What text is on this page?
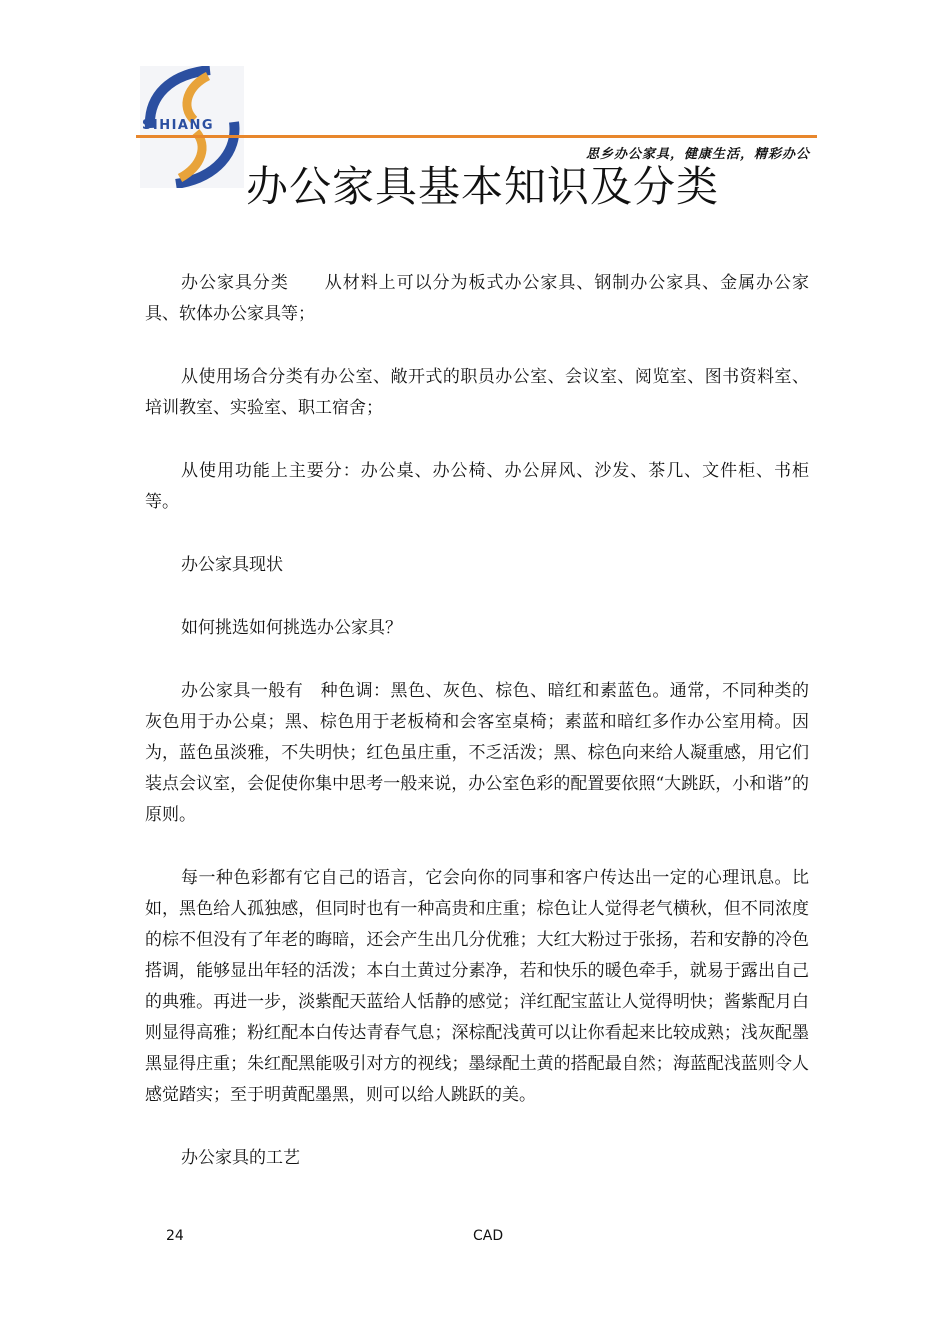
SIHIANG
思乡办公家具，健康生活，精彩办公
办公家具基本知识及分类

办公家具分类　　从材料上可以分为板式办公家具、钢制办公家具、金属办公家具、软体办公家具等；

从使用场合分类有办公室、敞开式的职员办公室、会议室、阅览室、图书资料室、培训教室、实验室、职工宿舍；

从使用功能上主要分：办公桌、办公椅、办公屏风、沙发、茶几、文件柜、书柜等。

办公家具现状

如何挑选如何挑选办公家具？

办公家具一般有　种色调：黑色、灰色、棕色、暗红和素蓝色。通常，不同种类的灰色用于办公桌；黑、棕色用于老板椅和会客室桌椅；素蓝和暗红多作办公室用椅。因为，蓝色虽淡雅，不失明快；红色虽庄重，不乏活泼；黑、棕色向来给人凝重感，用它们装点会议室，会促使你集中思考一般来说，办公室色彩的配置要依照“大跳跃，小和谐”的原则。

每一种色彩都有它自己的语言，它会向你的同事和客户传达出一定的心理讯息。比如，黑色给人孤独感，但同时也有一种高贵和庄重；棕色让人觉得老气横秋，但不同浓度的棕不但没有了年老的晦暗，还会产生出几分优雅；大红大粉过于张扬，若和安静的冷色搭调，能够显出年轻的活泼；本白土黄过分素净，若和快乐的暖色牵手，就易于露出自己的典雅。再进一步，淡紫配天蓝给人恬静的感觉；洋红配宝蓝让人觉得明快；酱紫配月白则显得高雅；粉红配本白传达青春气息；深棕配浅黄可以让你看起来比较成熟；浅灰配墨黑显得庄重；朱红配黑能吸引对方的视线；墨绿配土黄的搭配最自然；海蓝配浅蓝则令人感觉踏实；至于明黄配墨黑，则可以给人跳跃的美。

办公家具的工艺

24	CAD
